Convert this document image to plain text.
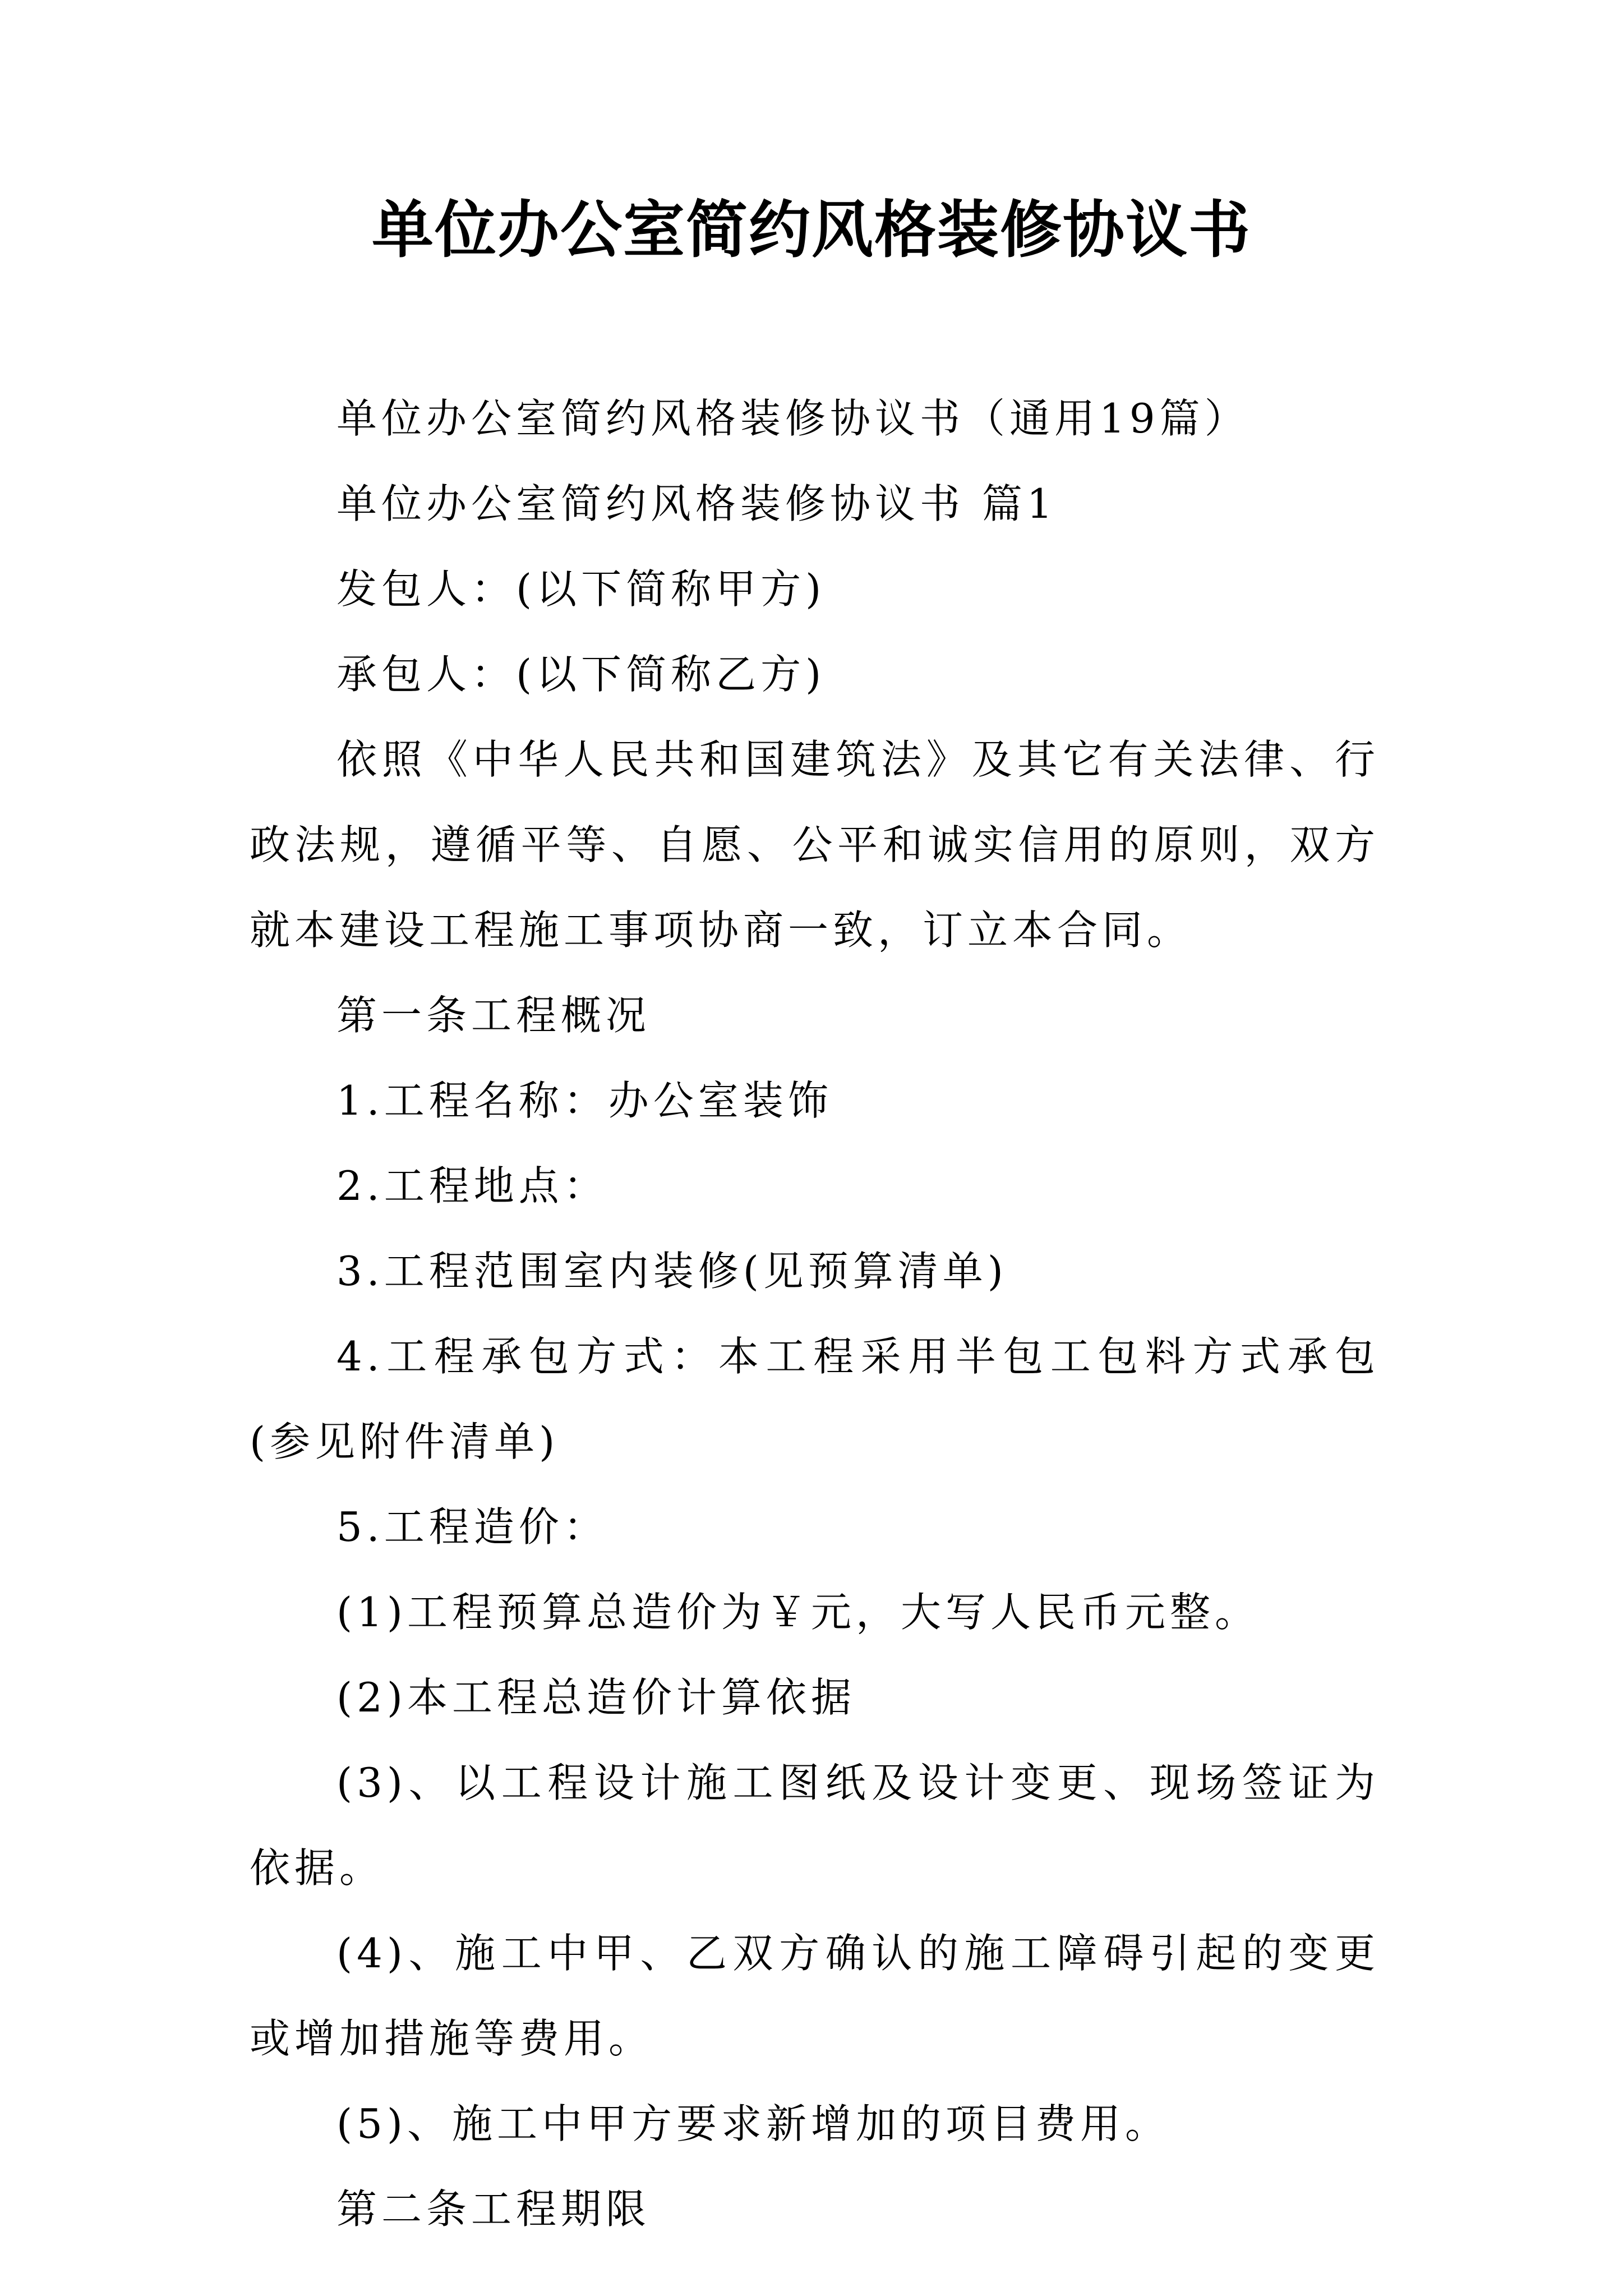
单位办公室简约风格装修协议书

单位办公室简约风格装修协议书（通用19篇）

单位办公室简约风格装修协议书 篇1

发包人：(以下简称甲方)

承包人：(以下简称乙方)

依照《中华人民共和国建筑法》及其它有关法律、行政法规，遵循平等、自愿、公平和诚实信用的原则，双方就本建设工程施工事项协商一致，订立本合同。

第一条工程概况

1.工程名称：办公室装饰

2.工程地点：

3.工程范围室内装修(见预算清单)

4.工程承包方式：本工程采用半包工包料方式承包(参见附件清单)

5.工程造价：

(1)工程预算总造价为￥元，大写人民币元整。

(2)本工程总造价计算依据

(3)、以工程设计施工图纸及设计变更、现场签证为依据。

(4)、施工中甲、乙双方确认的施工障碍引起的变更或增加措施等费用。

(5)、施工中甲方要求新增加的项目费用。

第二条工程期限
